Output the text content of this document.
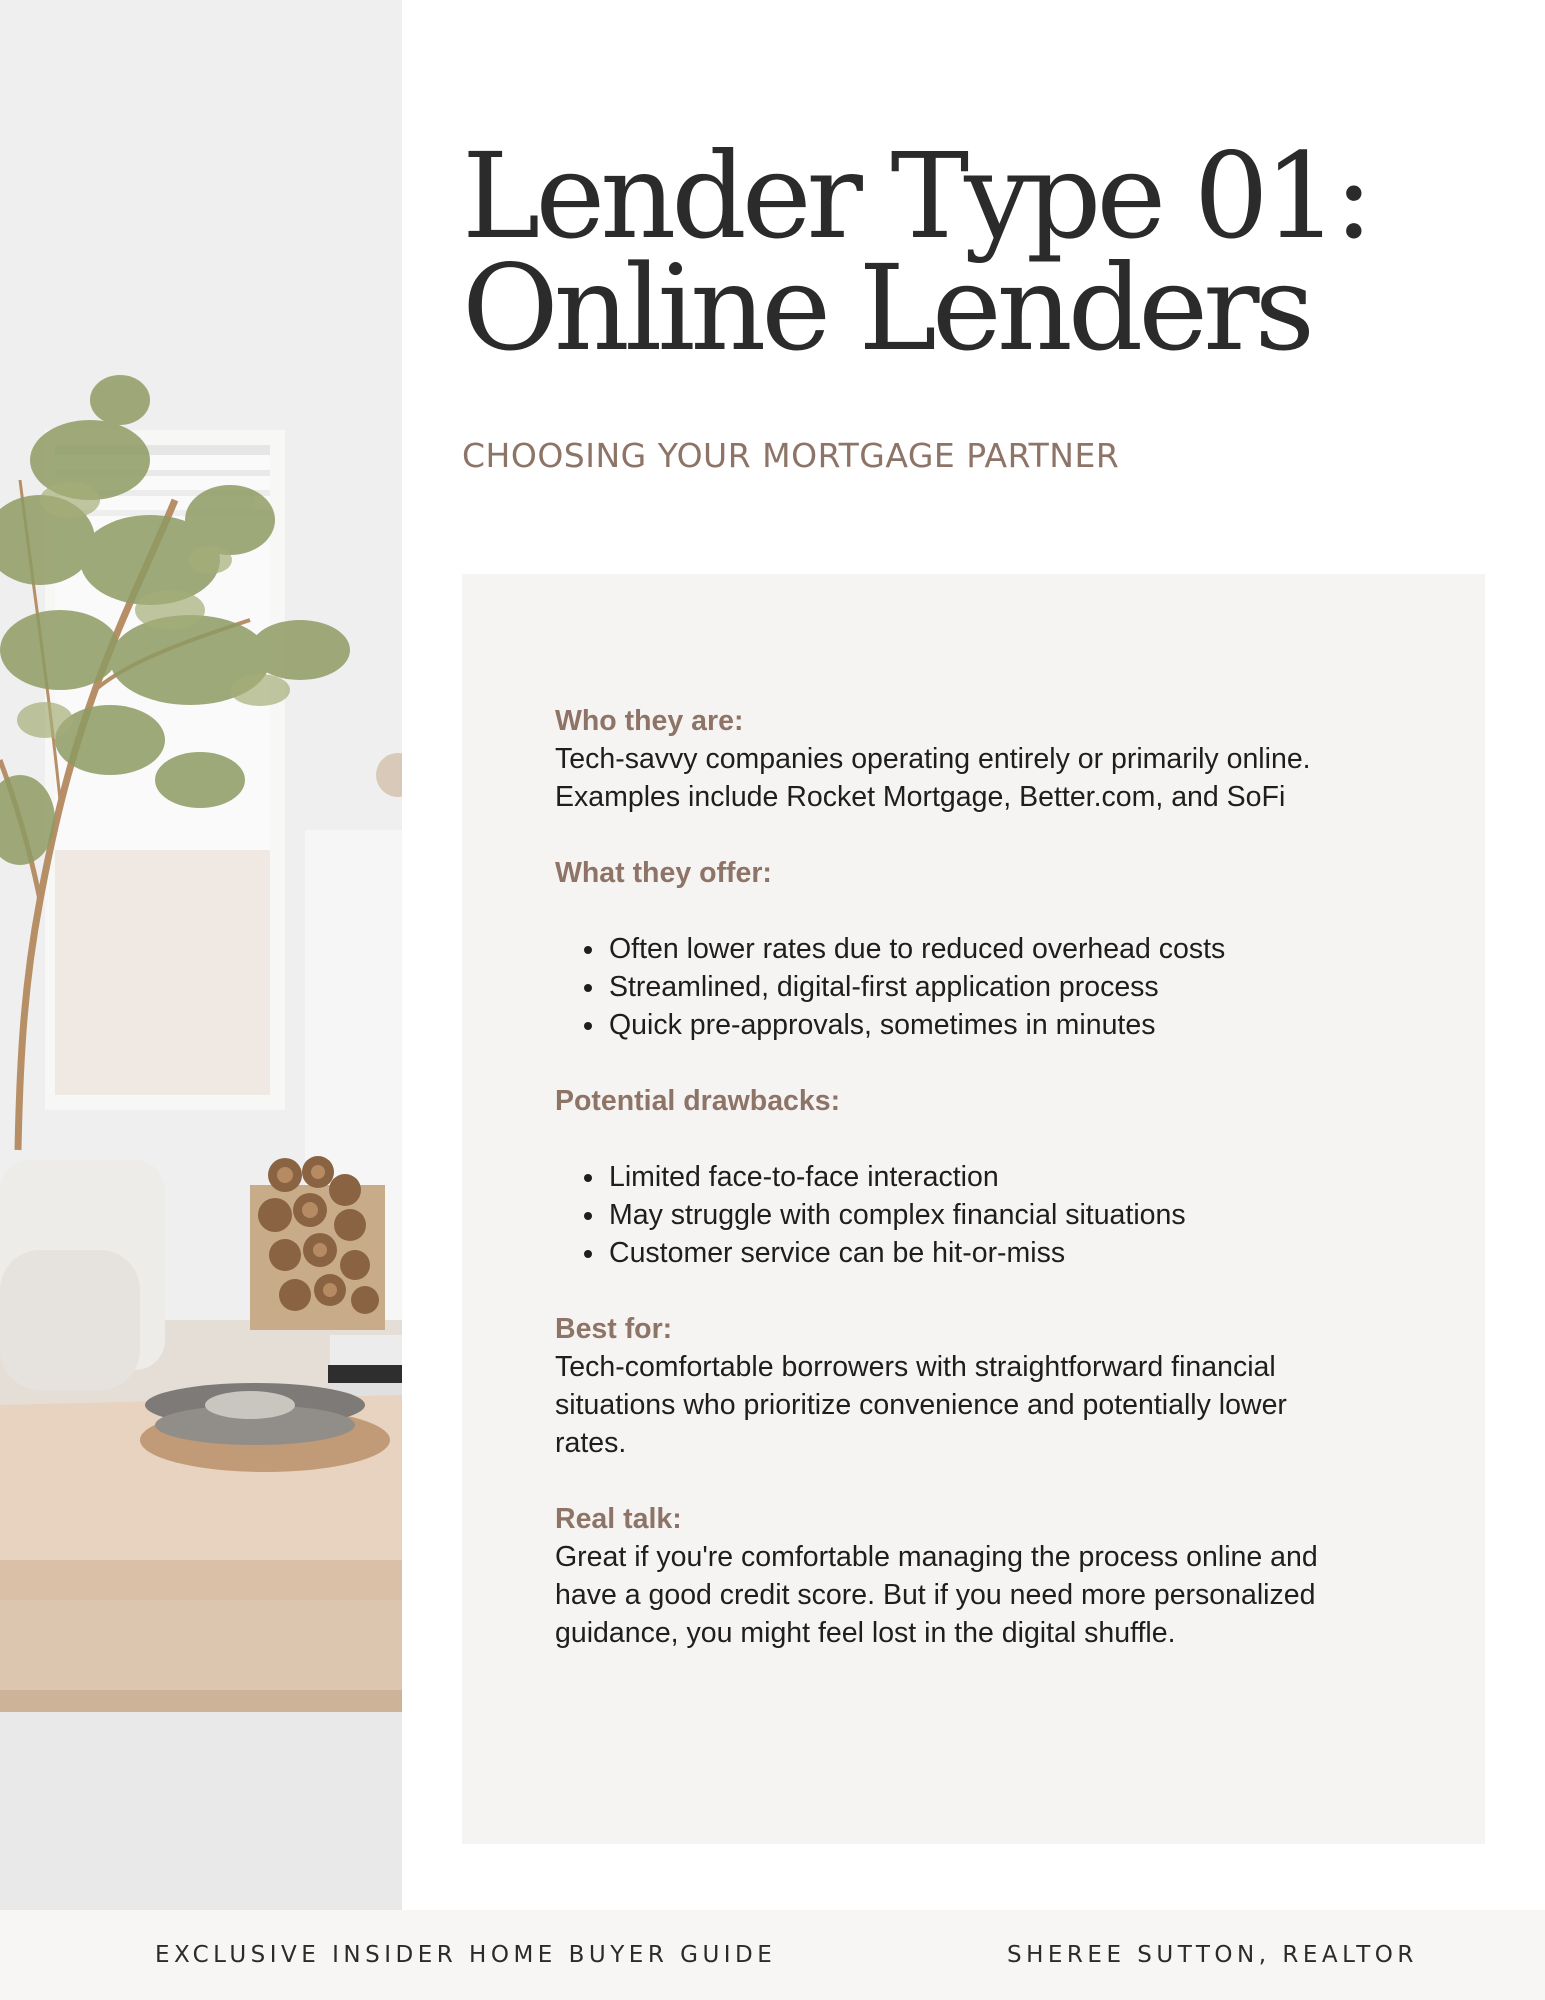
Lender Type 01:
Online Lenders
CHOOSING YOUR MORTGAGE PARTNER
Who they are:

Tech-savvy companies operating entirely or primarily online.

Examples include Rocket Mortgage, Better.com, and SoFi

What they offer:
• Often lower rates due to reduced overhead costs
• Streamlined, digital-first application process
• Quick pre-approvals, sometimes in minutes
Potential drawbacks:
• Limited face-to-face interaction
• May struggle with complex financial situations
• Customer service can be hit-or-miss
Best for:

Tech-comfortable borrowers with straightforward financial

situations who prioritize convenience and potentially lower

rates.

Real talk:

Great if you're comfortable managing the process online and

have a good credit score. But if you need more personalized

guidance, you might feel lost in the digital shuffle.

EXCLUSIVE INSIDER HOME BUYER GUIDE	SHEREE SUTTON, REALTOR
